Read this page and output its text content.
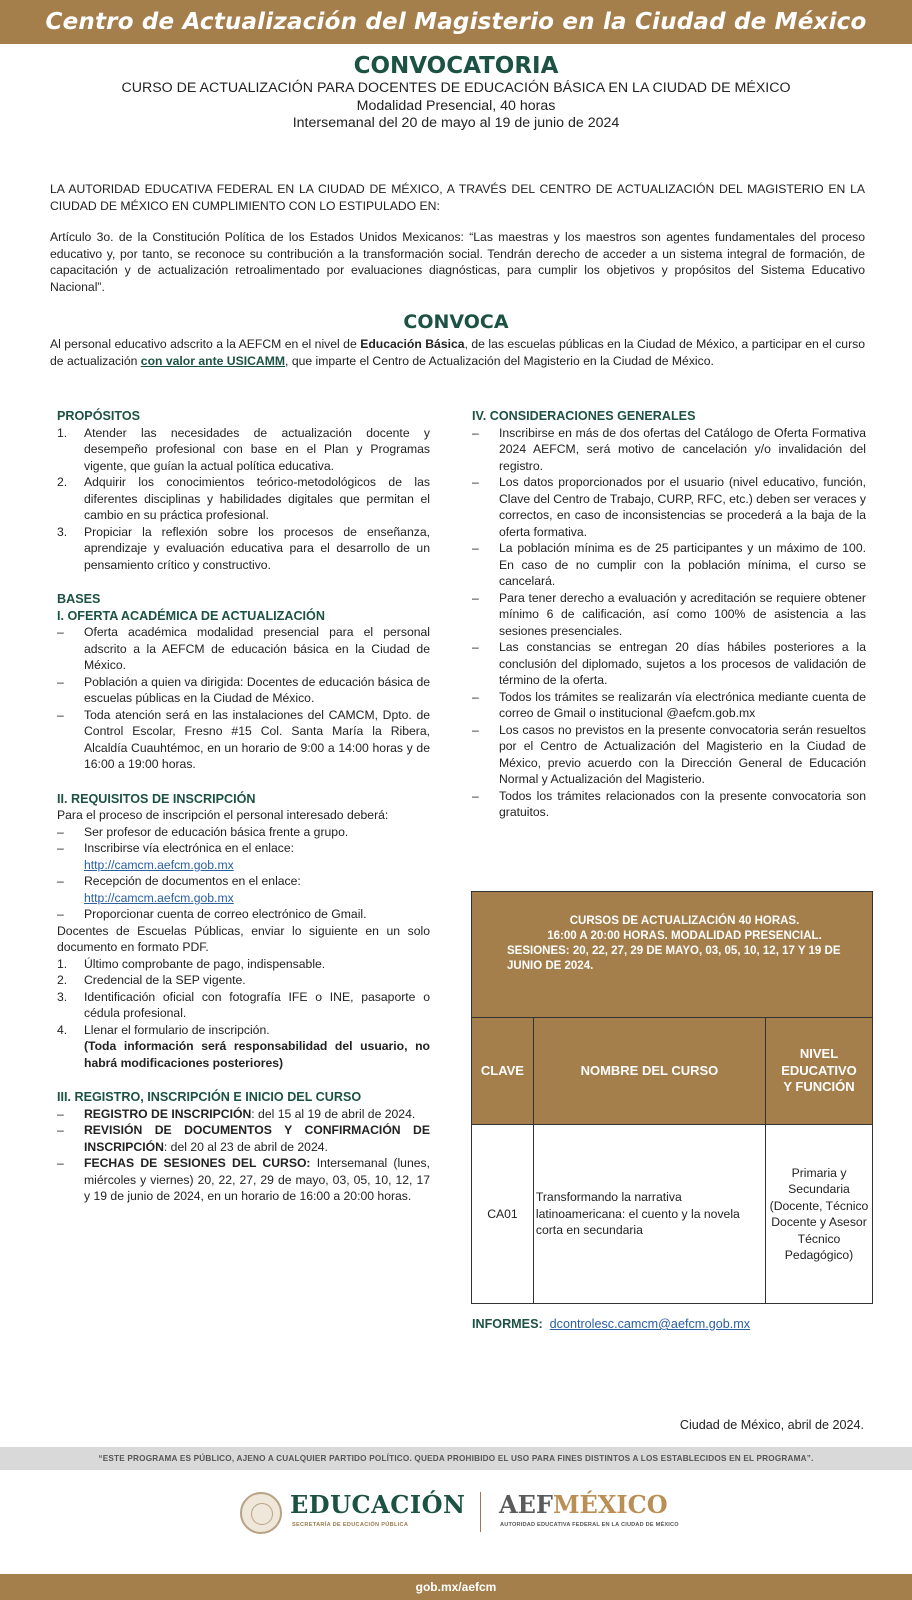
Centro de Actualización del Magisterio en la Ciudad de México
CONVOCATORIA
CURSO DE ACTUALIZACIÓN PARA DOCENTES DE EDUCACIÓN BÁSICA EN LA CIUDAD DE MÉXICO
Modalidad Presencial, 40 horas
Intersemanal del 20 de mayo al 19 de junio de 2024

LA AUTORIDAD EDUCATIVA FEDERAL EN LA CIUDAD DE MÉXICO, A TRAVÉS DEL CENTRO DE ACTUALIZACIÓN DEL MAGISTERIO EN LA CIUDAD DE MÉXICO EN CUMPLIMIENTO CON LO ESTIPULADO EN:

Artículo 3o. de la Constitución Política de los Estados Unidos Mexicanos: “Las maestras y los maestros son agentes fundamentales del proceso educativo y, por tanto, se reconoce su contribución a la transformación social. Tendrán derecho de acceder a un sistema integral de formación, de capacitación y de actualización retroalimentado por evaluaciones diagnósticas, para cumplir los objetivos y propósitos del Sistema Educativo Nacional”.

CONVOCA

Al personal educativo adscrito a la AEFCM en el nivel de Educación Básica, de las escuelas públicas en la Ciudad de México, a participar en el curso de actualización con valor ante USICAMM, que imparte el Centro de Actualización del Magisterio en la Ciudad de México.

PROPÓSITOS
1.	Atender las necesidades de actualización docente y desempeño profesional con base en el Plan y Programas vigente, que guían la actual política educativa.
2.	Adquirir los conocimientos teórico-metodológicos de las diferentes disciplinas y habilidades digitales que permitan el cambio en su práctica profesional.
3.	Propiciar la reflexión sobre los procesos de enseñanza, aprendizaje y evaluación educativa para el desarrollo de un pensamiento crítico y constructivo.
BASES
I. OFERTA ACADÉMICA DE ACTUALIZACIÓN
–	Oferta académica modalidad presencial para el personal adscrito a la AEFCM de educación básica en la Ciudad de México.
–	Población a quien va dirigida: Docentes de educación básica de escuelas públicas en la Ciudad de México.
–	Toda atención será en las instalaciones del CAMCM, Dpto. de Control Escolar, Fresno #15 Col. Santa María la Ribera, Alcaldía Cuauhtémoc, en un horario de 9:00 a 14:00 horas y de 16:00 a 19:00 horas.
II. REQUISITOS DE INSCRIPCIÓN
Para el proceso de inscripción el personal interesado deberá:
–	Ser profesor de educación básica frente a grupo.
–	Inscribirse vía electrónica en el enlace:
http://camcm.aefcm.gob.mx
–	Recepción de documentos en el enlace:
http://camcm.aefcm.gob.mx
–	Proporcionar cuenta de correo electrónico de Gmail.
Docentes de Escuelas Públicas, enviar lo siguiente en un solo documento en formato PDF.
1.	Último comprobante de pago, indispensable.
2.	Credencial de la SEP vigente.
3.	Identificación oficial con fotografía IFE o INE, pasaporte o cédula profesional.
4.	Llenar el formulario de inscripción.
(Toda información será responsabilidad del usuario, no habrá modificaciones posteriores)
III. REGISTRO, INSCRIPCIÓN E INICIO DEL CURSO
–	REGISTRO DE INSCRIPCIÓN: del 15 al 19 de abril de 2024.
–	REVISIÓN DE DOCUMENTOS Y CONFIRMACIÓN DE INSCRIPCIÓN: del 20 al 23 de abril de 2024.
–	FECHAS DE SESIONES DEL CURSO: Intersemanal (lunes, miércoles y viernes) 20, 22, 27, 29 de mayo, 03, 05, 10, 12, 17 y 19 de junio de 2024, en un horario de 16:00 a 20:00 horas.
IV. CONSIDERACIONES GENERALES
–	Inscribirse en más de dos ofertas del Catálogo de Oferta Formativa 2024 AEFCM, será motivo de cancelación y/o invalidación del registro.
–	Los datos proporcionados por el usuario (nivel educativo, función, Clave del Centro de Trabajo, CURP, RFC, etc.) deben ser veraces y correctos, en caso de inconsistencias se procederá a la baja de la oferta formativa.
–	La población mínima es de 25 participantes y un máximo de 100. En caso de no cumplir con la población mínima, el curso se cancelará.
–	Para tener derecho a evaluación y acreditación se requiere obtener mínimo 6 de calificación, así como 100% de asistencia a las sesiones presenciales.
–	Las constancias se entregan 20 días hábiles posteriores a la conclusión del diplomado, sujetos a los procesos de validación de término de la oferta.
–	Todos los trámites se realizarán vía electrónica mediante cuenta de correo de Gmail o institucional @aefcm.gob.mx
–	Los casos no previstos en la presente convocatoria serán resueltos por el Centro de Actualización del Magisterio en la Ciudad de México, previo acuerdo con la Dirección General de Educación Normal y Actualización del Magisterio.
–	Todos los trámites relacionados con la presente convocatoria son gratuitos.
CURSOS DE ACTUALIZACIÓN 40 HORAS.
16:00 A 20:00 HORAS. MODALIDAD PRESENCIAL.
SESIONES: 20, 22, 27, 29 DE MAYO, 03, 05, 10, 12, 17 Y 19 DE JUNIO DE 2024.		

CLAVE	NOMBRE DEL CURSO	NIVEL EDUCATIVO Y FUNCIÓN
CA01	Transformando la narrativa latinoamericana: el cuento y la novela corta en secundaria	Primaria y Secundaria (Docente, Técnico Docente y Asesor Técnico Pedagógico)
INFORMES: dcontrolesc.camcm@aefcm.gob.mx
Ciudad de México, abril de 2024.
“ESTE PROGRAMA ES PÚBLICO, AJENO A CUALQUIER PARTIDO POLÍTICO. QUEDA PROHIBIDO EL USO PARA FINES DISTINTOS A LOS ESTABLECIDOS EN EL PROGRAMA”.
EDUCACIÓN
SECRETARÍA DE EDUCACIÓN PÚBLICA
AEFMÉXICO
AUTORIDAD EDUCATIVA FEDERAL EN LA CIUDAD DE MÉXICO
gob.mx/aefcm
